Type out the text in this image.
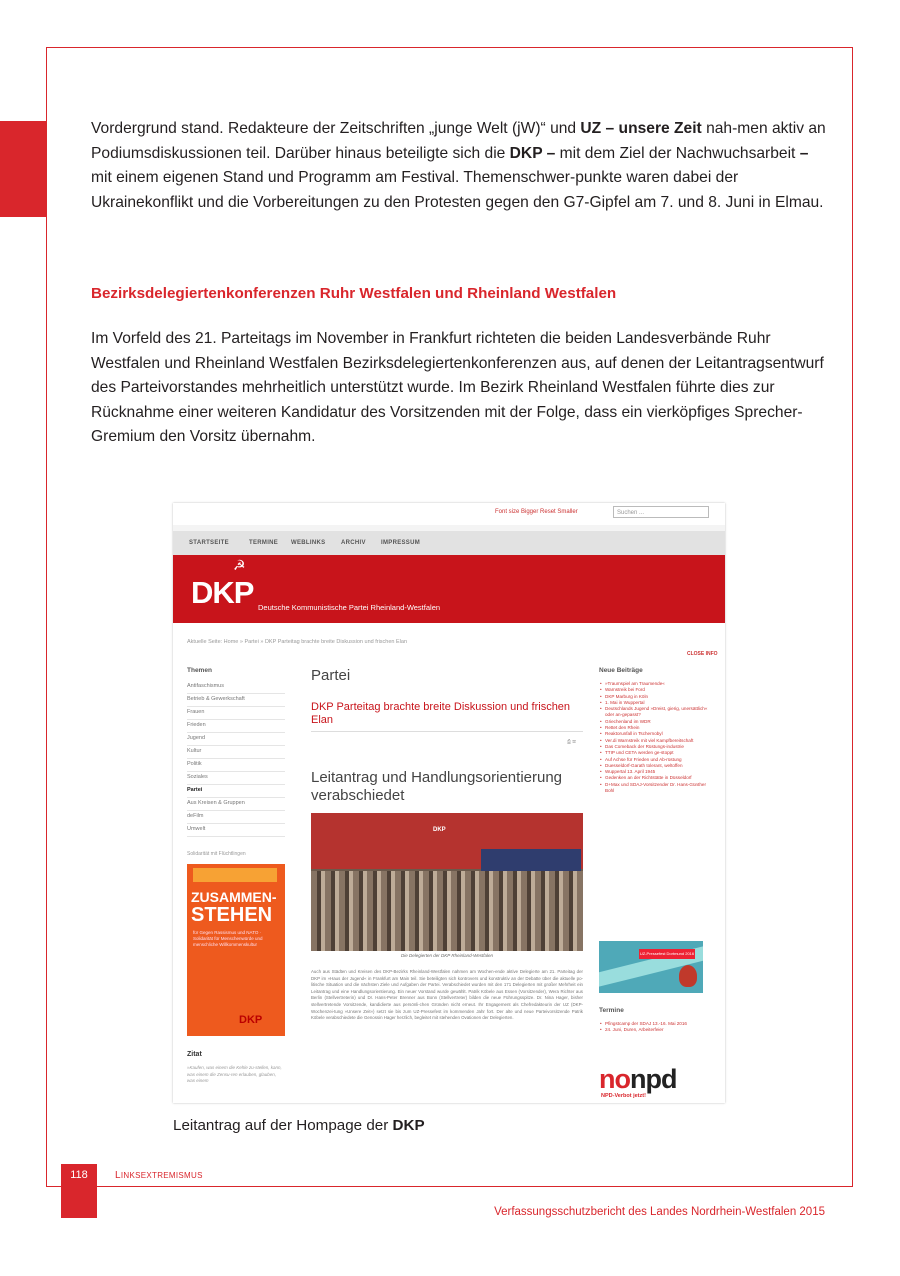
Vordergrund stand. Redakteure der Zeitschriften „junge Welt (jW)“ und UZ – unsere Zeit nah-men aktiv an Podiumsdiskussionen teil. Darüber hinaus beteiligte sich die DKP – mit dem Ziel der Nachwuchsarbeit – mit einem eigenen Stand und Programm am Festival. Themenschwer-punkte waren dabei der Ukrainekonflikt und die Vorbereitungen zu den Protesten gegen den G7-Gipfel am 7. und 8. Juni in Elmau.

Bezirksdelegiertenkonferenzen Ruhr Westfalen und Rheinland Westfalen

Im Vorfeld des 21. Parteitags im November in Frankfurt richteten die beiden Landesverbände Ruhr Westfalen und Rheinland Westfalen Bezirksdelegiertenkonferenzen aus, auf denen der Leitantragsentwurf des Parteivorstandes mehrheitlich unterstützt wurde. Im Bezirk Rheinland Westfalen führte dies zur Rücknahme einer weiteren Kandidatur des Vorsitzenden mit der Folge, dass ein vierköpfiges Sprecher-Gremium den Vorsitz übernahm.

Font size Bigger Reset Smaller	Suchen ...
STARTSEITE	TERMINE WEBLINKS	ARCHIV	IMPRESSUM
☭
DKP Deutsche Kommunistische Partei Rheinland-Westfalen
Aktuelle Seite: Home » Partei » DKP Parteitag brachte breite Diskussion und frischen Elan
CLOSE INFO
Themen
Antifaschismus
Betrieb & Gewerkschaft
Frauen
Frieden
Jugend
Kultur
Politik
Soziales
Partei
Aus Kreisen & Gruppen
deFilm
Umwelt
Solidarität mit Flüchtlingen
ZUSAMMEN-
STEHEN
für Gegen Rassismus und NATO · Solidarität für Menschenwürde und menschliche Willkommenskultur
DKP
Zitat
»Kaufen, was einem die Kehle zu-stellen, kann, was einem die Zensu-ren erlauben, glauben, was einem
Partei
DKP Parteitag brachte breite Diskussion und frischen Elan
⎙ ✉
Leitantrag und Handlungsorientierung verabschiedet
DKP
Die Delegierten der DKP Rheinland-Westfalen
Auch aus Städten und Kreisen des DKP-Bezirks Rheinland-Westfalen nahmen am Wochen-ende aktive Delegierte am 21. Parteitag der DKP im »Haus der Jugend« in Frankfurt am Main teil. Sie beteiligten sich kontrovers und konstruktiv an der Debatte über die aktuelle po-litische Situation und die nächsten Ziele und Aufgaben der Partei. Verabschiedet wurden mit den 171 Delegierten mit großer Mehrheit ein Leitantrag und eine Handlungsorientierung. Ein neuer Vorstand wurde gewählt. Patrik Köbele aus Essen (Vorsitzender), Wera Richter aus Berlin (Stellvertreterin) und Dr. Hans-Peter Brenner aus Bonn (Stellvertreter) bilden die neue Führungsspitze. Dr. Nina Hager, bisher stellvertretende Vorsitzende, kandidierte aus persönli-chen Gründen nicht erneut. Ihr Engagement als Chefredakteurin der UZ (DKP-Wochenzei-tung »Unsere Zeit«) setzt sie bis zum UZ-Pressefest im kommenden Jahr fort. Der alte und neue Parteivorsitzende Patrik Köbele verabschiedete die Genossin Hager herzlich, begleitet mit stehenden Ovationen der Delegierten.
Neue Beiträge
• »Traumspiel am Traumende«
• Warnstreik bei Ford
• DKP Marburg in Köln
• 1. Mai in Wuppertal
• Deutschlands Jugend »Dreist, gierig, unersättlich« oder an-gepasst?
• Griechenland im WDR
• Rettet den Rhein
• Reaktorunfall in Tschernobyl
• Ver.di Warnstreik mit viel Kampfbereitschaft
• Das Comeback der Rüstungs-industrie
• TTIP und CETA werden ge-stoppt
• Auf Achse für Frieden und Ab-rüstung
• Duesseldorf-Garath tolerant, weltoffen
• Wuppertal 13. April 1945
• Gedenken an der Richtstätte in Düsseldorf
• D+Max und SDAJ-Vorsitzender Dr. Hans-Günther Bohl
UZ-Pressefest Dortmund 2016
Termine
• Pfingstcamp der SDAJ 13.-16. Mai 2016
• 24. Juni, Duren, Arbeiterfeier
nonpd
NPD-Verbot jetzt!

Leitantrag auf der Hompage der DKP

118	LINKSEXTREMISMUS
Verfassungsschutzbericht des Landes Nordrhein-Westfalen 2015
